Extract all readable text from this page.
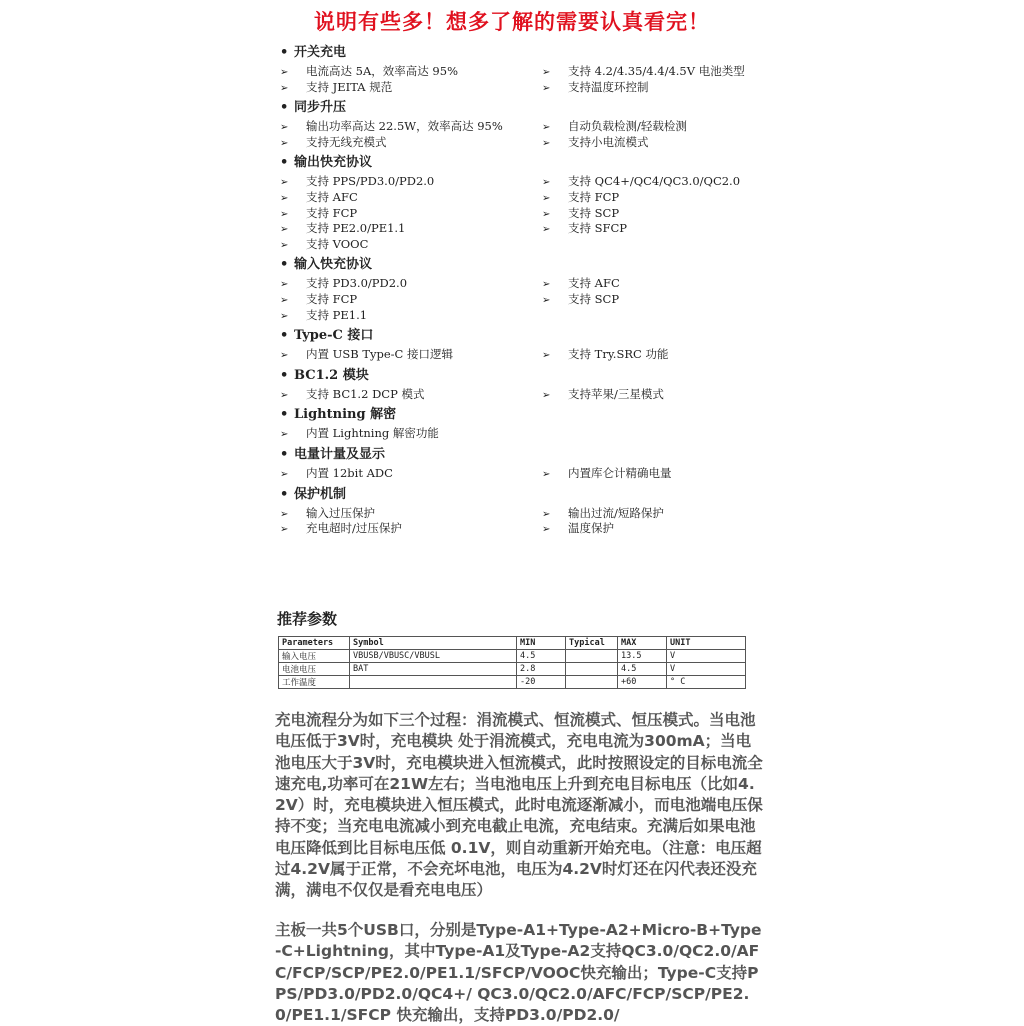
说明有些多！想多了解的需要认真看完！
• 开关充电
➢ 电流高达 5A，效率高达 95%	➢ 支持 4.2/4.35/4.4/4.5V 电池类型
➢ 支持 JEITA 规范	➢ 支持温度环控制
• 同步升压
➢ 输出功率高达 22.5W，效率高达 95%	➢ 自动负载检测/轻载检测
➢ 支持无线充模式	➢ 支持小电流模式
• 输出快充协议
➢ 支持 PPS/PD3.0/PD2.0	➢ 支持 QC4+/QC4/QC3.0/QC2.0
➢ 支持 AFC	➢ 支持 FCP
➢ 支持 FCP	➢ 支持 SCP
➢ 支持 PE2.0/PE1.1	➢ 支持 SFCP
➢ 支持 VOOC
• 输入快充协议
➢ 支持 PD3.0/PD2.0	➢ 支持 AFC
➢ 支持 FCP	➢ 支持 SCP
➢ 支持 PE1.1
• Type-C 接口
➢ 内置 USB Type-C 接口逻辑	➢ 支持 Try.SRC 功能
• BC1.2 模块
➢ 支持 BC1.2 DCP 模式	➢ 支持苹果/三星模式
• Lightning 解密
➢ 内置 Lightning 解密功能
• 电量计量及显示
➢ 内置 12bit ADC	➢ 内置库仑计精确电量
• 保护机制
➢ 输入过压保护	➢ 输出过流/短路保护
➢ 充电超时/过压保护	➢ 温度保护
推荐参数
Parameters	Symbol	MIN	Typical	MAX	UNIT
输入电压	VBUSB/VBUSC/VBUSL	4.5		13.5	V
电池电压	BAT	2.8		4.5	V
工作温度		-20		+60	° C
充电流程分为如下三个过程：涓流模式、恒流模式、恒压模式。当电池电压低于3V时，充电模块 处于涓流模式，充电电流为300mA；当电池电压大于3V时，充电模块进入恒流模式，此时按照设定的目标电流全速充电,功率可在21W左右；当电池电压上升到充电目标电压（比如4.2V）时，充电模块进入恒压模式，此时电流逐渐减小，而电池端电压保持不变；当充电电流减小到充电截止电流，充电结束。充满后如果电池 电压降低到比目标电压低 0.1V，则自动重新开始充电。（注意：电压超过4.2V属于正常，不会充坏电池，电压为4.2V时灯还在闪代表还没充满，满电不仅仅是看充电电压）
主板一共5个USB口，分别是Type-A1+Type-A2+Micro-B+Type-C+Lightning，其中Type-A1及Type-A2支持QC3.0/QC2.0/AFC/FCP/SCP/PE2.0/PE1.1/SFCP/VOOC快充输出；Type-C支持PPS/PD3.0/PD2.0/QC4+/ QC3.0/QC2.0/AFC/FCP/SCP/PE2.0/PE1.1/SFCP 快充输出，支持PD3.0/PD2.0/
